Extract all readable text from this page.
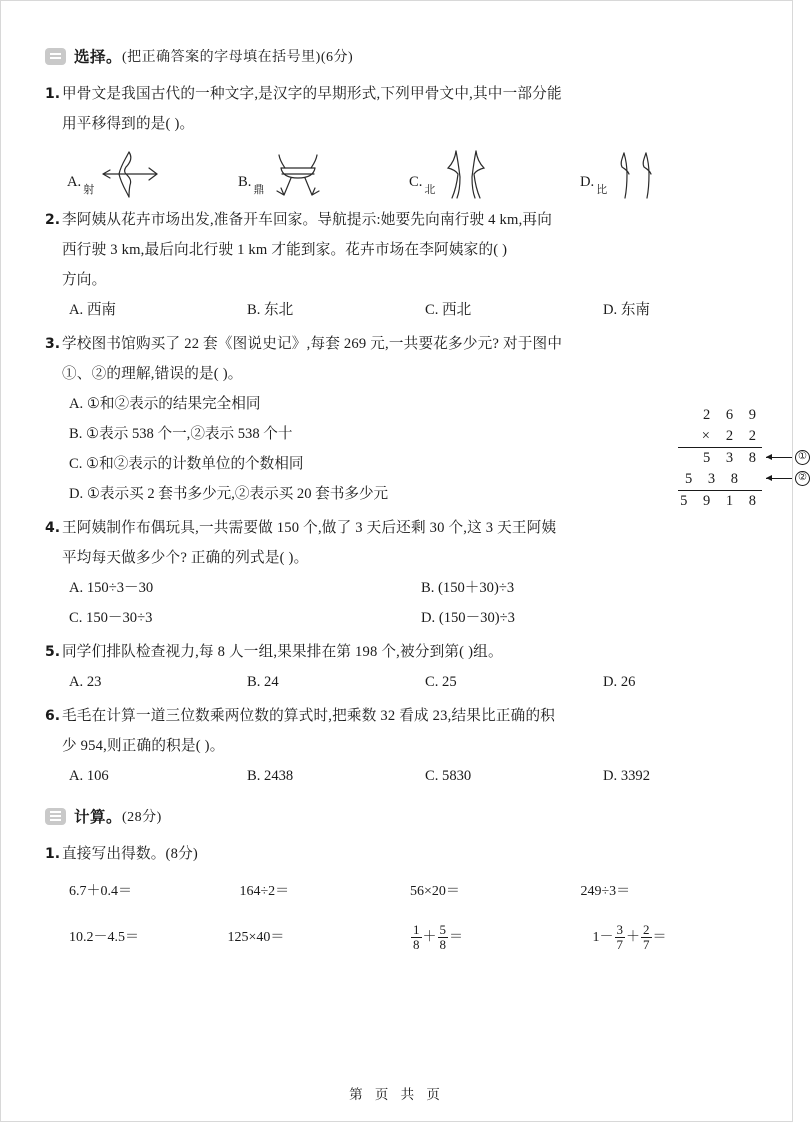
选择。 (把正确答案的字母填在括号里)(6分)
1. 甲骨文是我国古代的一种文字,是汉字的早期形式,下列甲骨文中,其中一部分能
用平移得到的是( )。
A. 射	B. 鼎	C. 北	D. 比
2. 李阿姨从花卉市场出发,准备开车回家。导航提示:她要先向南行驶 4 km,再向
西行驶 3 km,最后向北行驶 1 km 才能到家。花卉市场在李阿姨家的( )
方向。
A. 西南	B. 东北	C. 西北	D. 东南
3. 学校图书馆购买了 22 套《图说史记》,每套 269 元,一共要花多少元? 对于图中
①、②的理解,错误的是( )。
A. ①和②表示的结果完全相同
B. ①表示 538 个一,②表示 538 个十
C. ①和②表示的计数单位的个数相同
D. ①表示买 2 套书多少元,②表示买 20 套书多少元
4. 王阿姨制作布偶玩具,一共需要做 150 个,做了 3 天后还剩 30 个,这 3 天王阿姨
平均每天做多少个? 正确的列式是( )。
A. 150÷3－30	B. (150＋30)÷3
C. 150－30÷3	D. (150－30)÷3
5. 同学们排队检查视力,每 8 人一组,果果排在第 198 个,被分到第( )组。
A. 23	B. 24	C. 25	D. 26
6. 毛毛在计算一道三位数乘两位数的算式时,把乘数 32 看成 23,结果比正确的积
少 954,则正确的积是( )。
A. 106	B. 2438	C. 5830	D. 3392
计算。 (28分)
1. 直接写出得数。(8分)
6.7＋0.4＝	164÷2＝	56×20＝	249÷3＝
10.2－4.5＝	125×40＝	$\frac{1}{8} + \frac{5}{8}$ ＝	$1- \frac{3}{7} + \frac{2}{7}$ ＝
2 6 9
× 2 2
5 3 8
5 3 8
5 9 1 8
①
②
第 页 共 页
